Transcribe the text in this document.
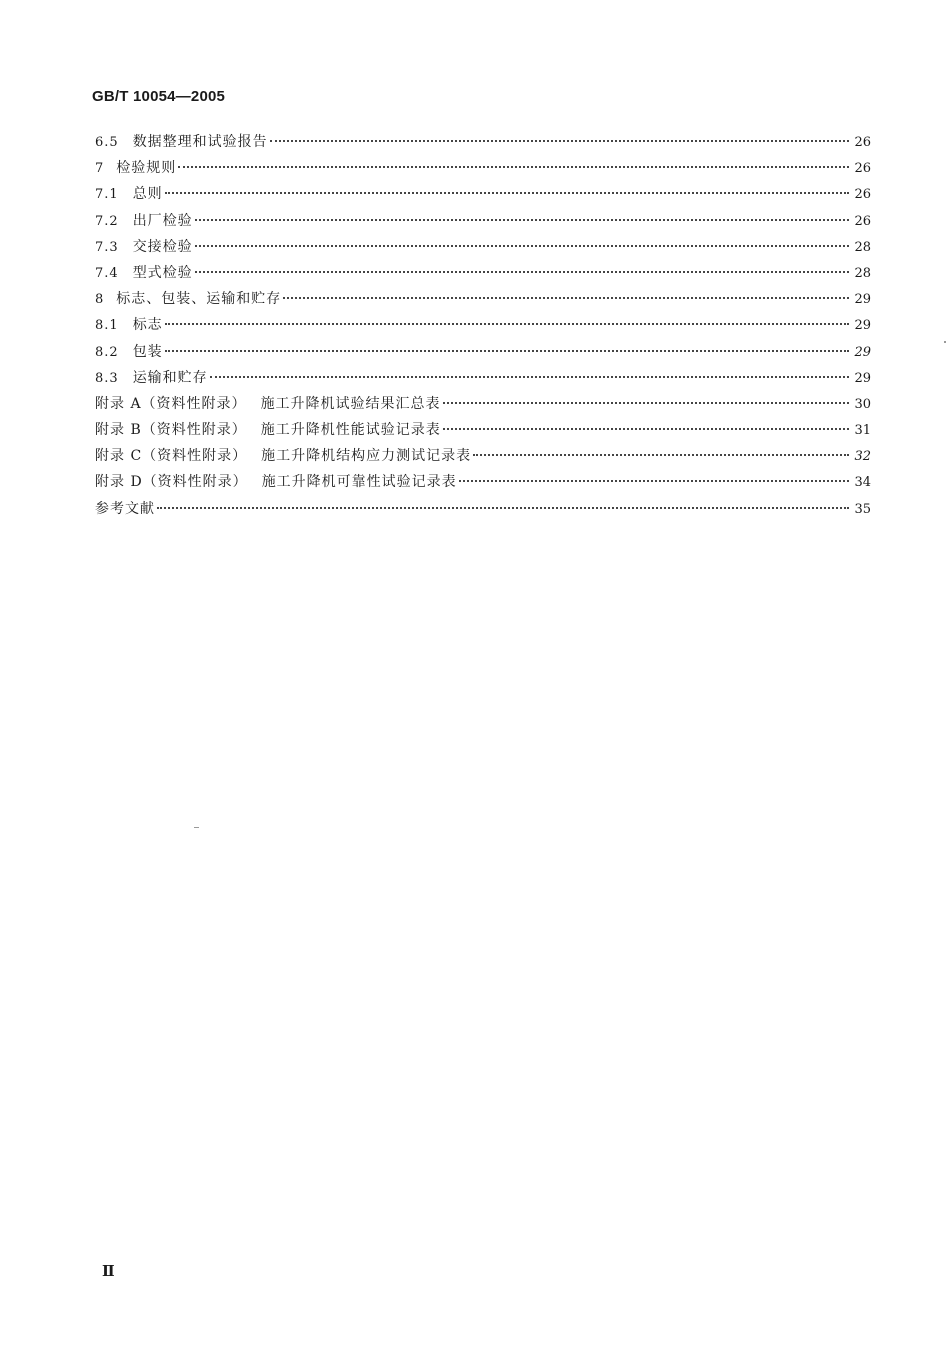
GB/T 10054—2005
6.5 数据整理和试验报告	26
7 检验规则	26
7.1 总则	26
7.2 出厂检验	26
7.3 交接检验	28
7.4 型式检验	28
8 标志、包装、运输和贮存	29
8.1 标志	29
8.2 包装	29
8.3 运输和贮存	29
附录 A（资料性附录） 施工升降机试验结果汇总表	30
附录 B（资料性附录） 施工升降机性能试验记录表	31
附录 C（资料性附录） 施工升降机结构应力测试记录表	32
附录 D（资料性附录） 施工升降机可靠性试验记录表	34
参考文献	35
Ⅱ
